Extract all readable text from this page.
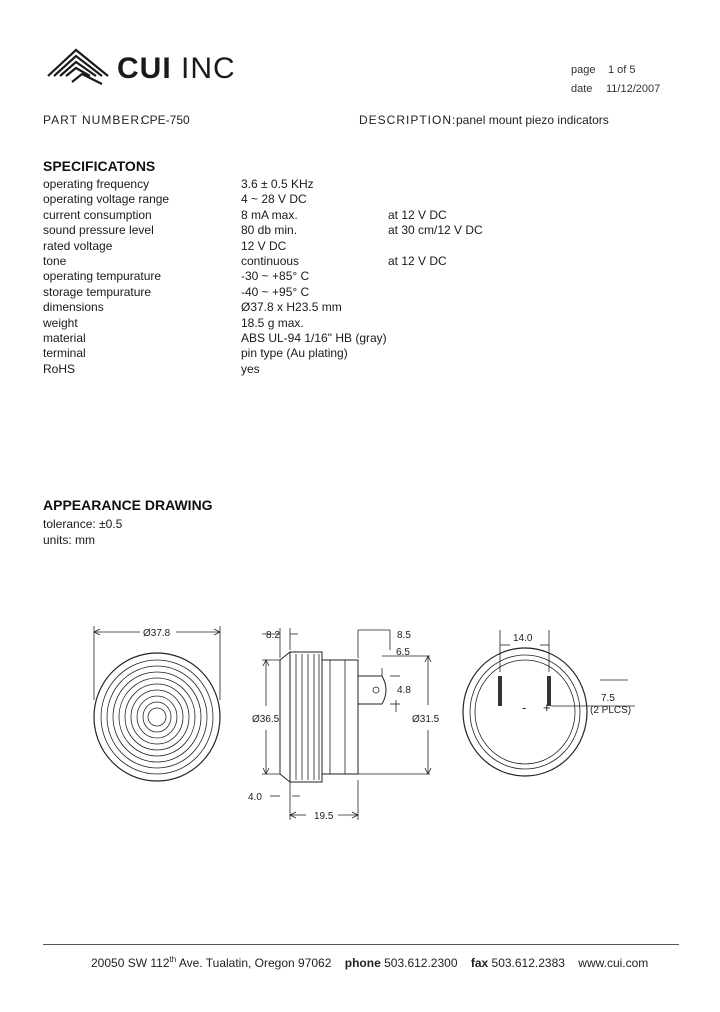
CUI INC	page 1 of 5
date 11/12/2007
PART NUMBER:
CPE-750	DESCRIPTION: panel mount piezo indicators
SPECIFICATONS
operating frequency	3.6 ± 0.5 KHz
operating voltage range	4 ~ 28 V DC
current consumption	8 mA max.	at 12 V DC
sound pressure level	80 db min.	at 30 cm/12 V DC
rated voltage	12 V DC
tone	continuous	at 12 V DC
operating tempurature	-30 ~ +85° C
storage tempurature	-40 ~ +95° C
dimensions	Ø37.8 x H23.5 mm
weight	18.5 g max.
material	ABS UL-94 1/16" HB (gray)
terminal	pin type (Au plating)
RoHS	yes
APPEARANCE DRAWING
tolerance: ±0.5
units: mm
Ø37.8	8.2	8.5
6.5
4.8
Ø36.5	Ø31.5
4.0
19.5
14.0
7.5
(2 PLCS)
- +
20050 SW 112th Ave. Tualatin, Oregon 97062 phone 503.612.2300 fax 503.612.2383 www.cui.com
